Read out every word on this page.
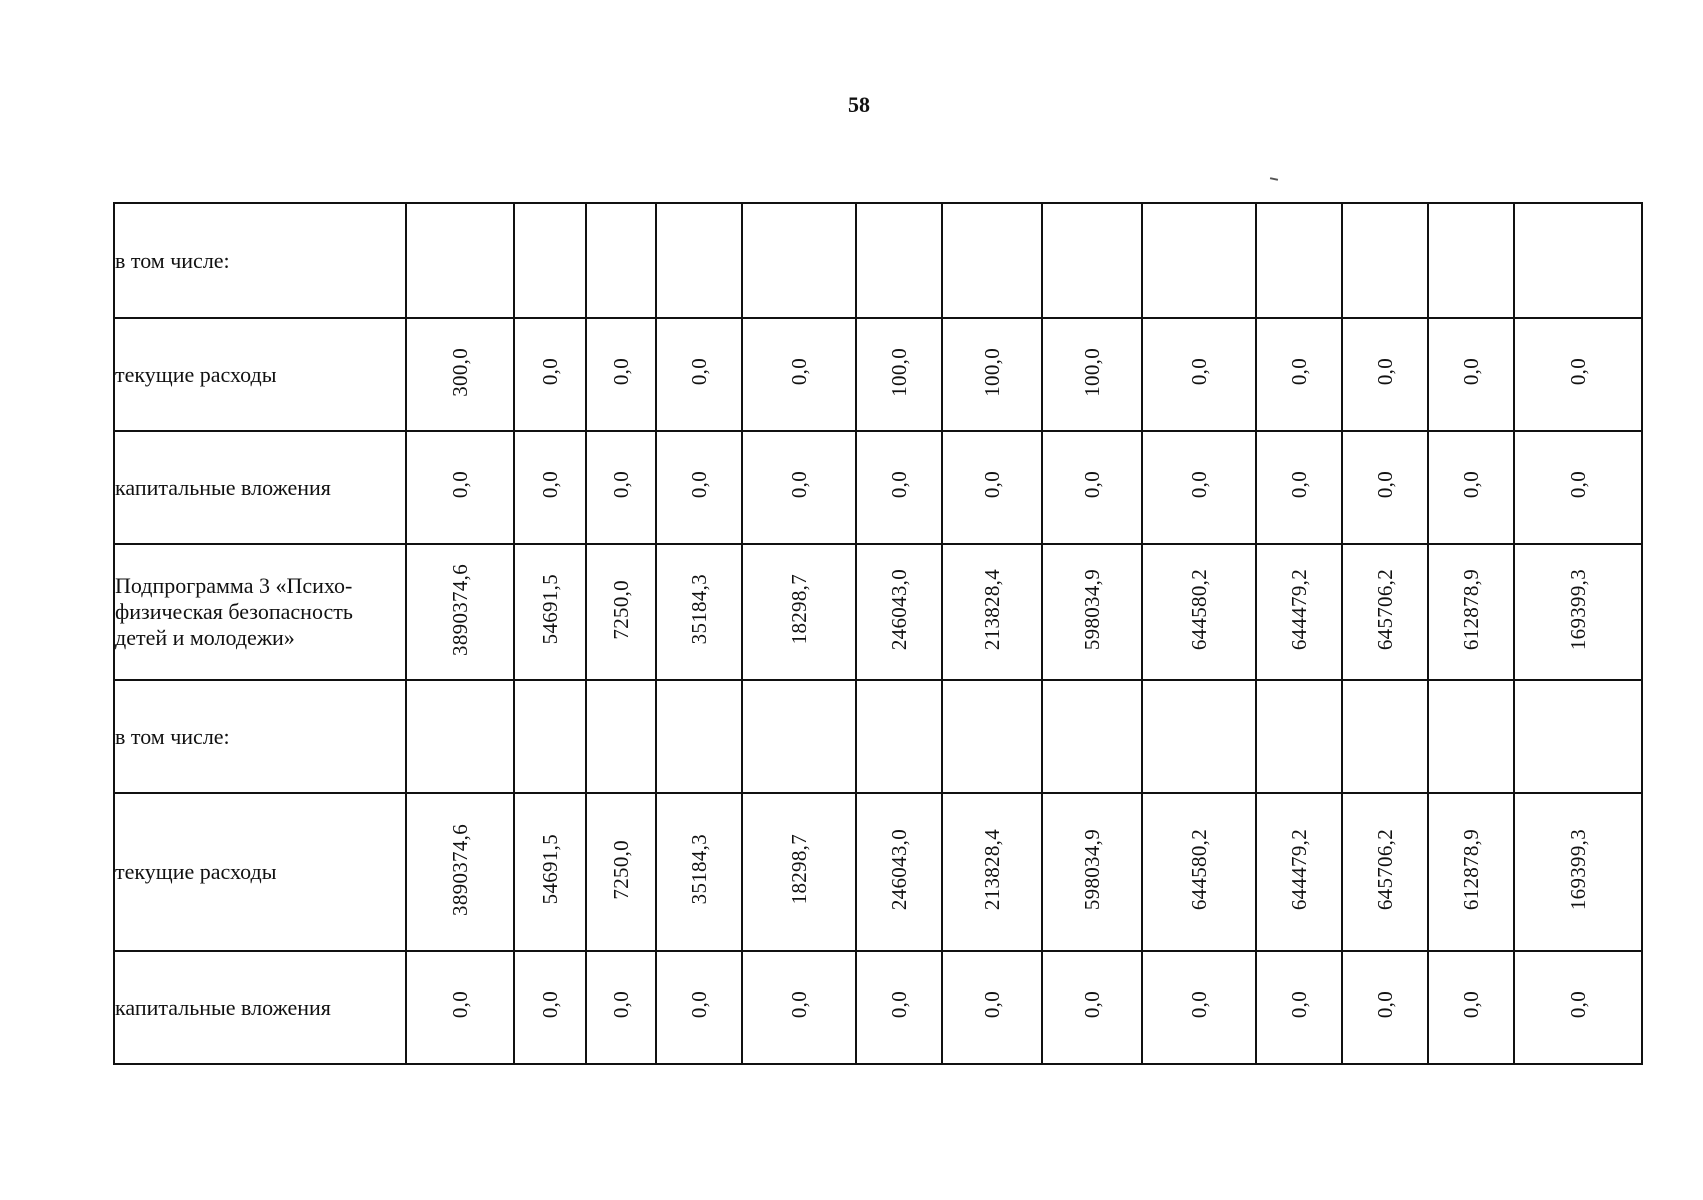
58
в том числе:													
текущие расходы	300,0	0,0	0,0	0,0	0,0	100,0	100,0	100,0	0,0	0,0	0,0	0,0	0,0
капитальные вложения	0,0	0,0	0,0	0,0	0,0	0,0	0,0	0,0	0,0	0,0	0,0	0,0	0,0
Подпрограмма 3 «Психо-физическая безопасность детей и молодежи»	3890374,6	54691,5	7250,0	35184,3	18298,7	246043,0	213828,4	598034,9	644580,2	644479,2	645706,2	612878,9	169399,3
в том числе:													
текущие расходы	3890374,6	54691,5	7250,0	35184,3	18298,7	246043,0	213828,4	598034,9	644580,2	644479,2	645706,2	612878,9	169399,3
капитальные вложения	0,0	0,0	0,0	0,0	0,0	0,0	0,0	0,0	0,0	0,0	0,0	0,0	0,0
